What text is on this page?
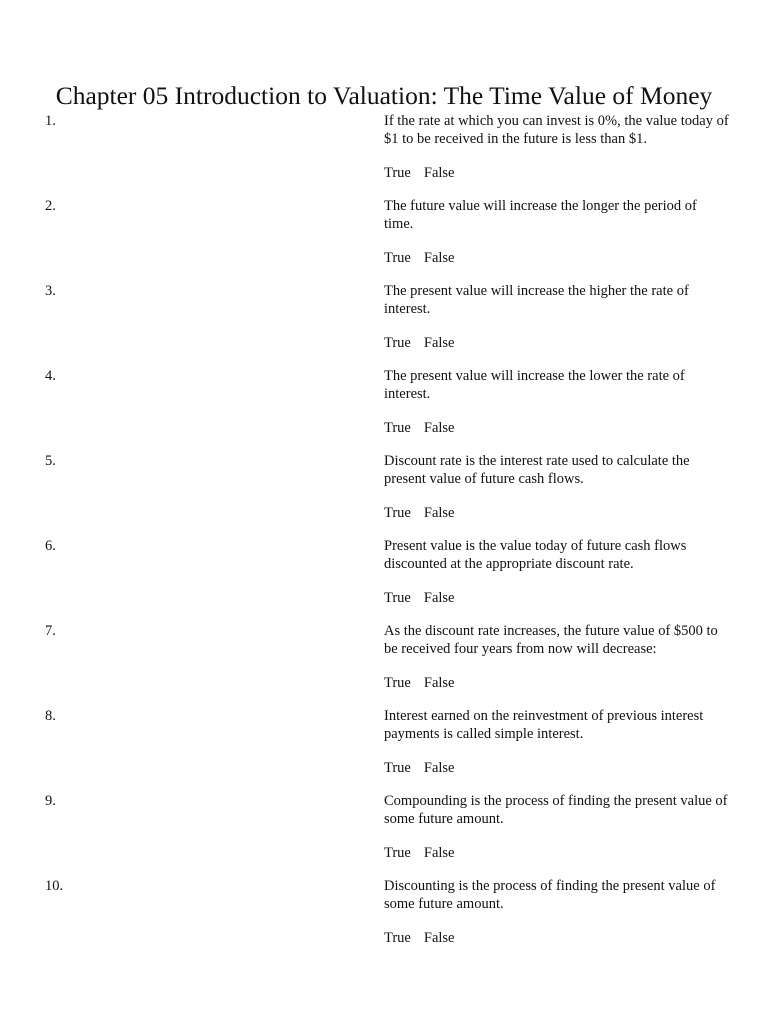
Chapter 05 Introduction to Valuation: The Time Value of Money
1.	If the rate at which you can invest is 0%, the value today of $1 to be received in the future is less than $1.
True False
2.	The future value will increase the longer the period of time.
True False
3.	The present value will increase the higher the rate of interest.
True False
4.	The present value will increase the lower the rate of interest.
True False
5.	Discount rate is the interest rate used to calculate the present value of future cash flows.
True False
6.	Present value is the value today of future cash flows discounted at the appropriate discount rate.
True False
7.	As the discount rate increases, the future value of $500 to be received four years from now will decrease:
True False
8.	Interest earned on the reinvestment of previous interest payments is called simple interest.
True False
9.	Compounding is the process of finding the present value of some future amount.
True False
10.	Discounting is the process of finding the present value of some future amount.
True False
